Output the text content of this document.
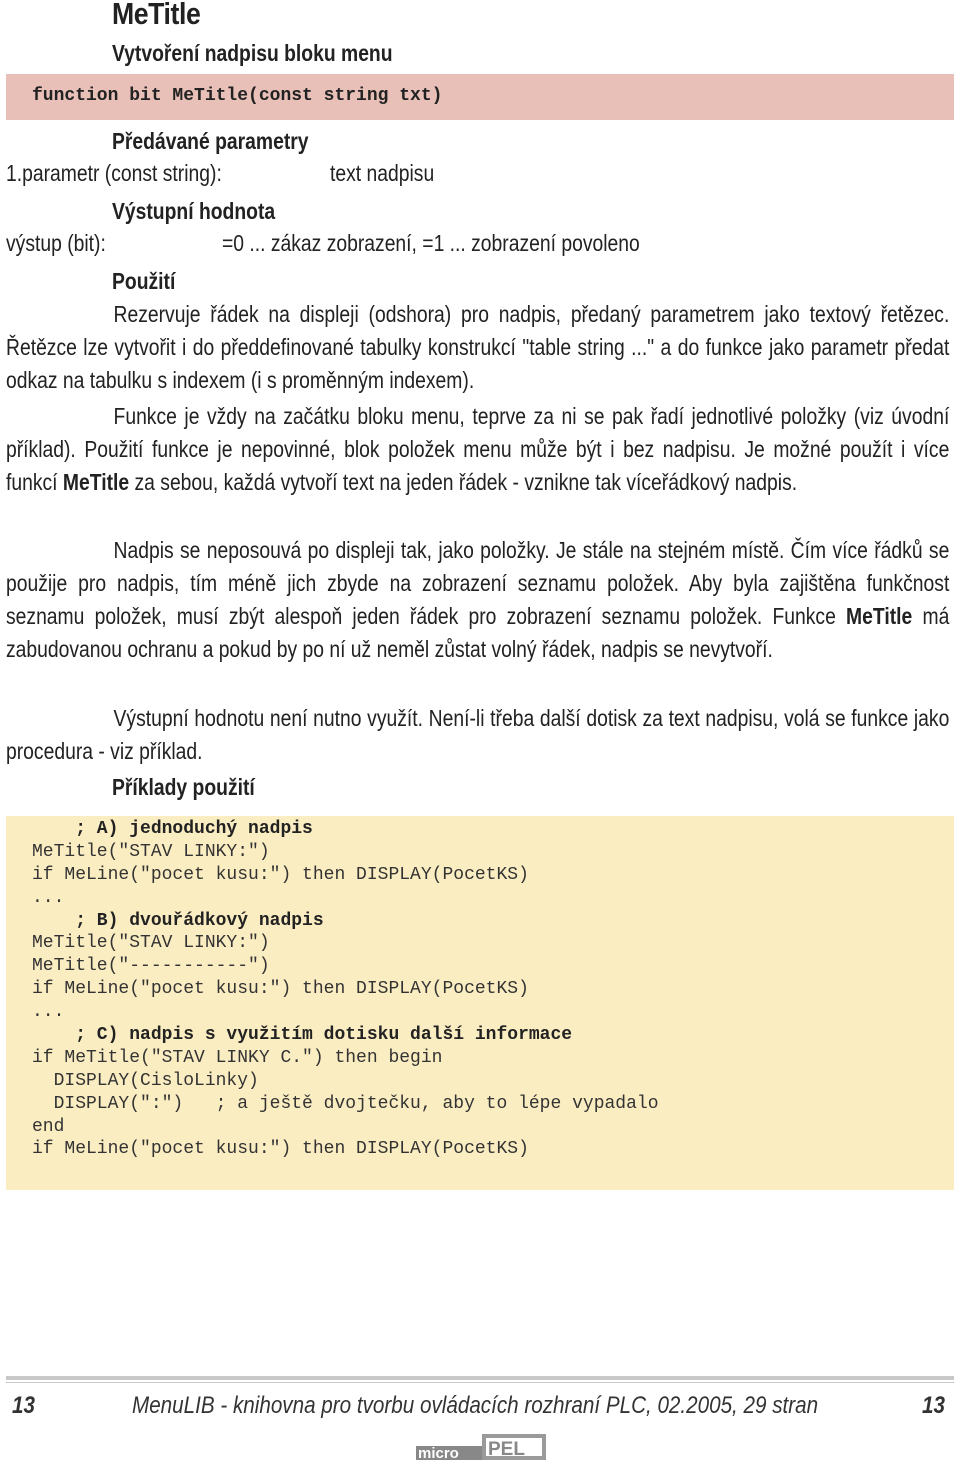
MeTitle
Vytvoření nadpisu bloku menu
function bit MeTitle(const string txt)
Předávané parametry
1.parametr (const string):	text nadpisu
Výstupní hodnota
výstup (bit):	=0 ... zákaz zobrazení, =1 ... zobrazení povoleno
Použití
Rezervuje řádek na displeji (odshora) pro nadpis, předaný parametrem jako textový řetězec. Řetězce lze vytvořit i do předdefinované tabulky konstrukcí "table string ..." a do funkce jako parametr předat odkaz na tabulku s indexem (i s proměnným indexem).
Funkce je vždy na začátku bloku menu, teprve za ni se pak řadí jednotlivé položky (viz úvodní příklad). Použití funkce je nepovinné, blok položek menu může být i bez nadpisu. Je možné použít i více funkcí MeTitle za sebou, každá vytvoří text na jeden řádek - vznikne tak víceřádkový nadpis.
Nadpis se neposouvá po displeji tak, jako položky. Je stále na stejném místě. Čím více řádků se použije pro nadpis, tím méně jich zbyde na zobrazení seznamu položek. Aby byla zajištěna funkčnost seznamu položek, musí zbýt alespoň jeden řádek pro zobrazení seznamu položek. Funkce MeTitle má zabudovanou ochranu a pokud by po ní už neměl zůstat volný řádek, nadpis se nevytvoří.
Výstupní hodnotu není nutno využít. Není-li třeba další dotisk za text nadpisu, volá se funkce jako procedura - viz příklad.
Příklady použití
; A) jednoduchý nadpis
MeTitle("STAV LINKY:")
if MeLine("pocet kusu:") then DISPLAY(PocetKS)
...
; B) dvouřádkový nadpis
MeTitle("STAV LINKY:")
MeTitle("-----------")
if MeLine("pocet kusu:") then DISPLAY(PocetKS)
...
; C) nadpis s využitím dotisku další informace
if MeTitle("STAV LINKY C.") then begin
DISPLAY(CisloLinky)
DISPLAY(":")   ; a ještě dvojtečku, aby to lépe vypadalo
end
if MeLine("pocet kusu:") then DISPLAY(PocetKS)
13	MenuLIB - knihovna pro tvorbu ovládacích rozhraní PLC, 02.2005, 29 stran	13
micro PEL
